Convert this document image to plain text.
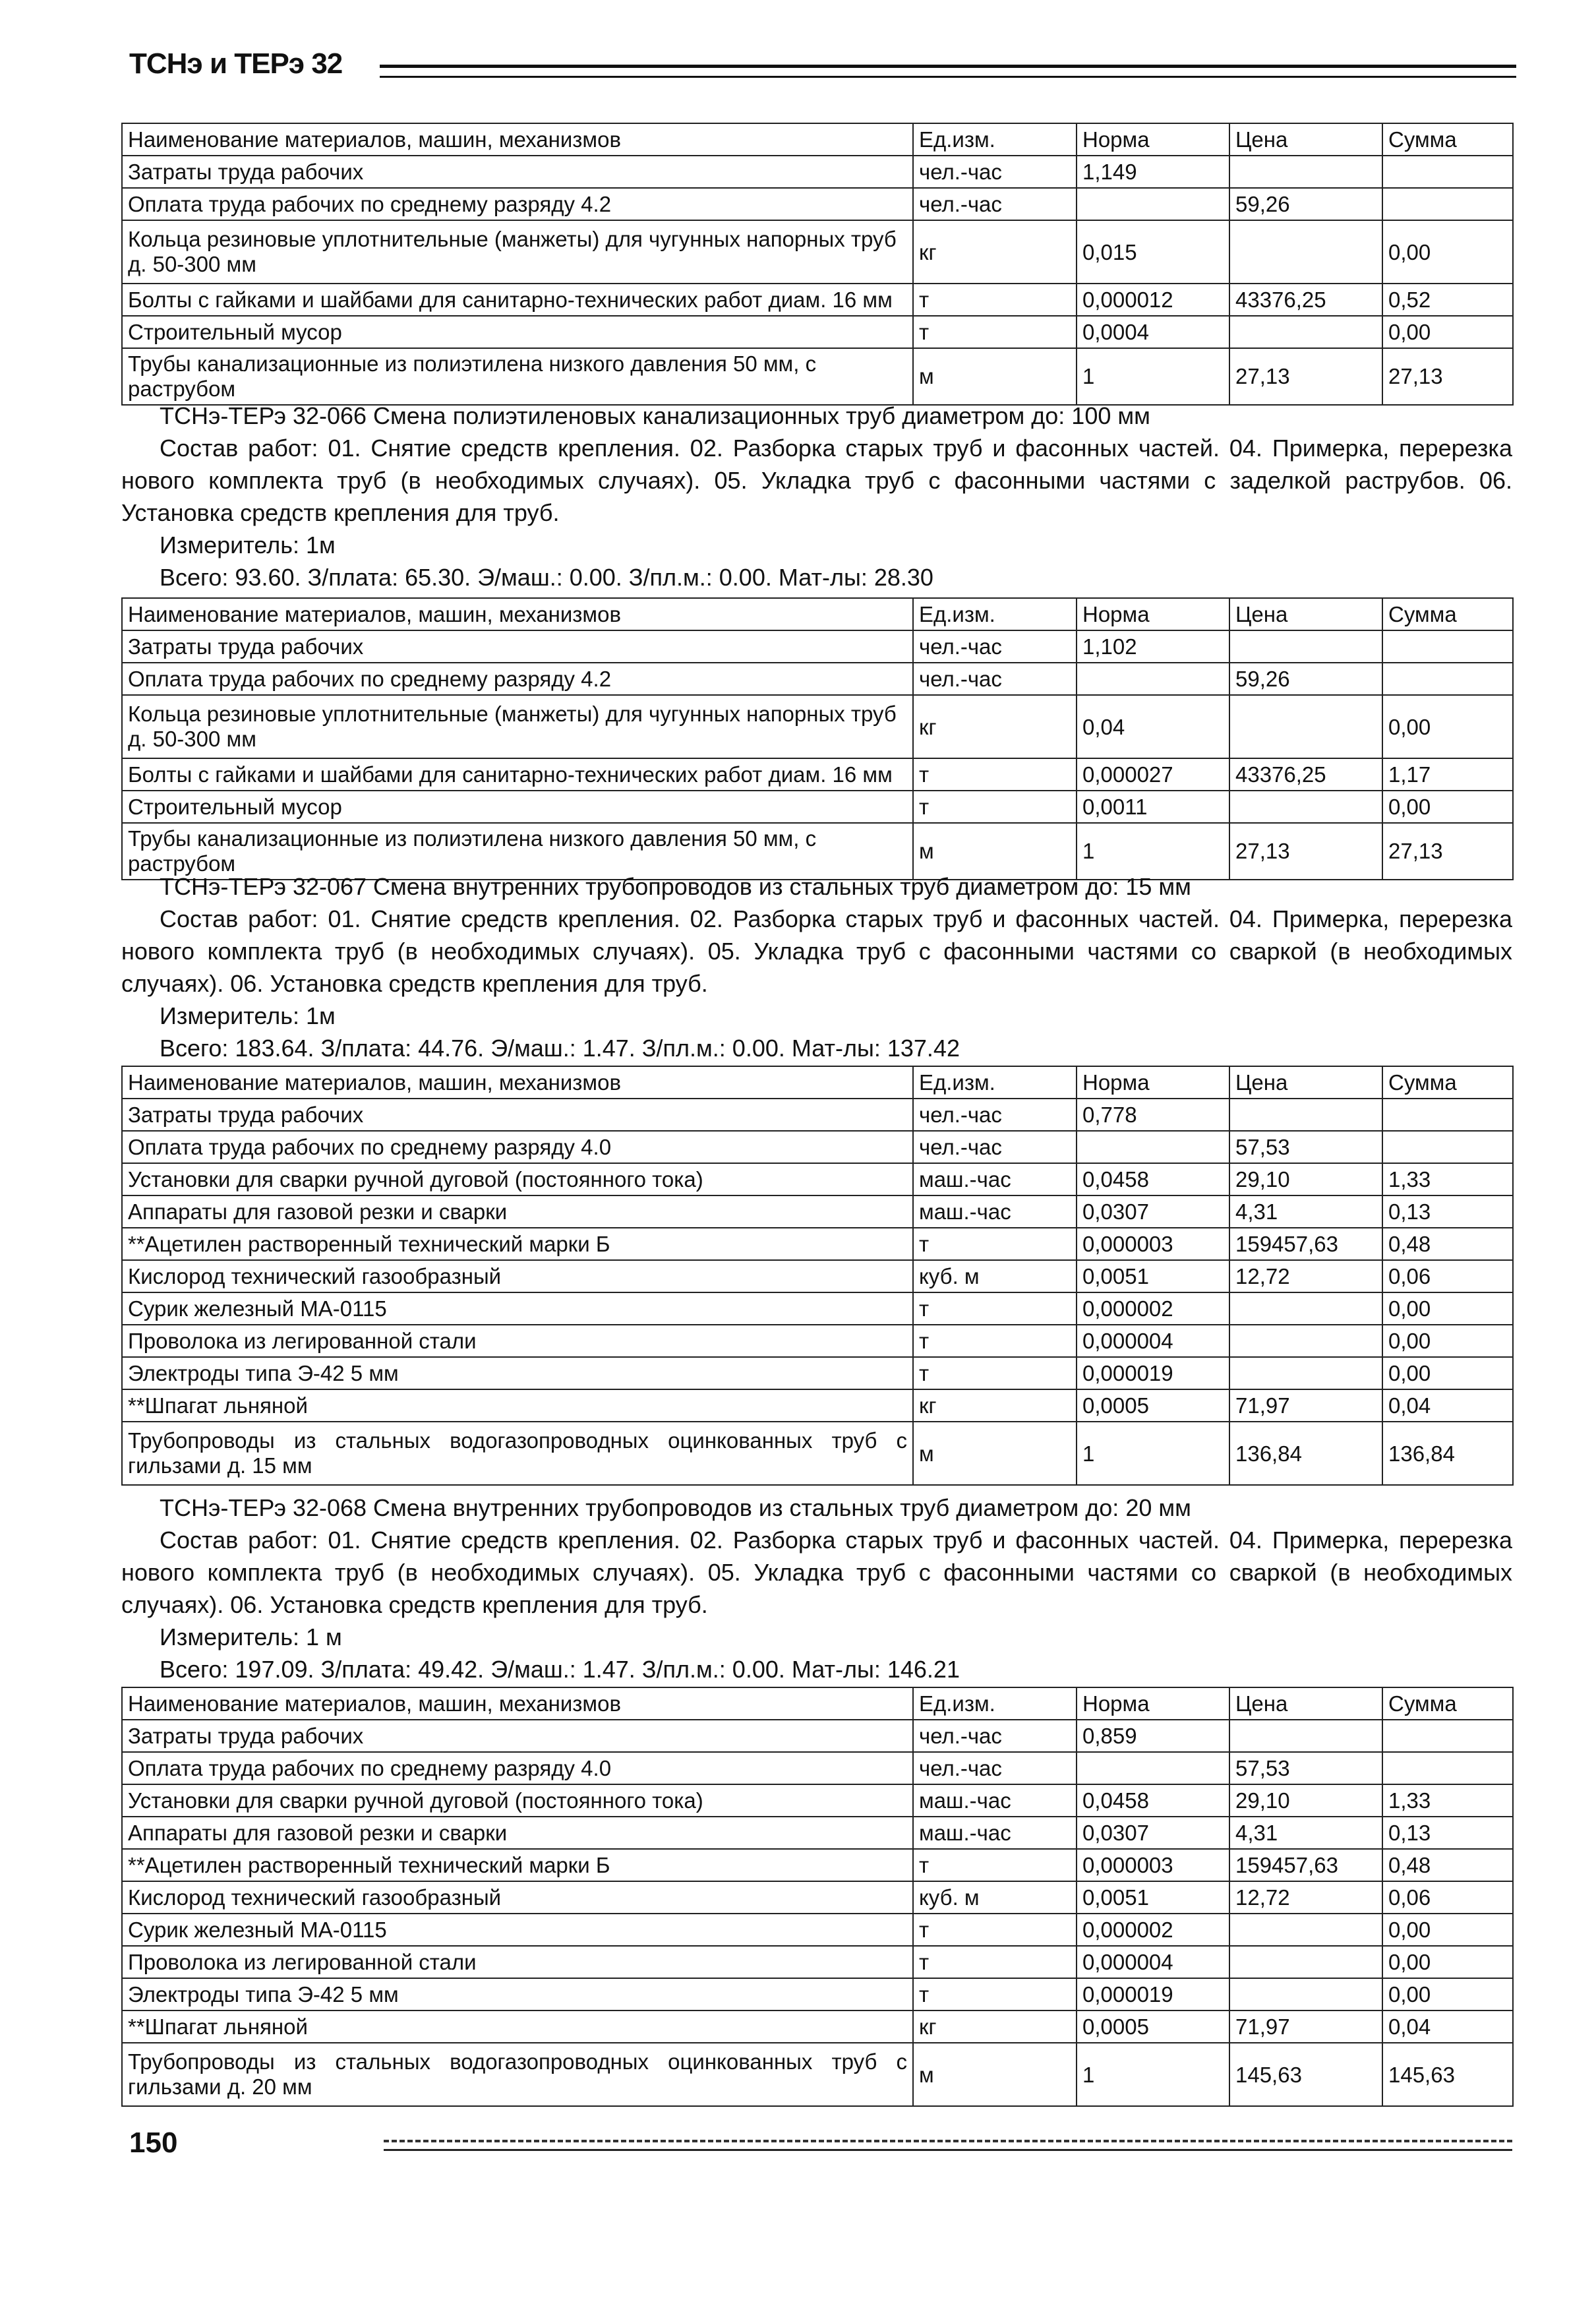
ТСНэ и ТЕРэ 32
Наименование материалов, машин, механизмов	Ед.изм.	Норма	Цена	Сумма
Затраты труда рабочих	чел.-час	1,149		
Оплата труда рабочих по среднему разряду 4.2	чел.-час		59,26	
Кольца резиновые уплотнительные (манжеты) для чугунных напорных труб д. 50-300 мм	кг	0,015		0,00
Болты с гайками и шайбами для санитарно-технических работ диам. 16 мм	т	0,000012	43376,25	0,52
Строительный мусор	т	0,0004		0,00
Трубы канализационные из полиэтилена низкого давления 50 мм, с раструбом	м	1	27,13	27,13

ТСНэ-ТЕРэ 32-066 Смена полиэтиленовых канализационных труб диаметром до: 100 мм

Состав работ: 01. Снятие средств крепления. 02. Разборка старых труб и фасонных частей. 04. Примерка, перерезка нового комплекта труб (в необходимых случаях). 05. Укладка труб с фасонными частями с заделкой раструбов. 06. Установка средств крепления для труб.

Измеритель: 1м

Всего: 93.60. З/плата: 65.30. Э/маш.: 0.00. З/пл.м.: 0.00. Мат-лы: 28.30

Наименование материалов, машин, механизмов	Ед.изм.	Норма	Цена	Сумма
Затраты труда рабочих	чел.-час	1,102		
Оплата труда рабочих по среднему разряду 4.2	чел.-час		59,26	
Кольца резиновые уплотнительные (манжеты) для чугунных напорных труб д. 50-300 мм	кг	0,04		0,00
Болты с гайками и шайбами для санитарно-технических работ диам. 16 мм	т	0,000027	43376,25	1,17
Строительный мусор	т	0,0011		0,00
Трубы канализационные из полиэтилена низкого давления 50 мм, с раструбом	м	1	27,13	27,13

ТСНэ-ТЕРэ 32-067 Смена внутренних трубопроводов из стальных труб диаметром до: 15 мм

Состав работ: 01. Снятие средств крепления. 02. Разборка старых труб и фасонных частей. 04. Примерка, перерезка нового комплекта труб (в необходимых случаях). 05. Укладка труб с фасонными частями со сваркой (в необходимых случаях). 06. Установка средств крепления для труб.

Измеритель: 1м

Всего: 183.64. З/плата: 44.76. Э/маш.: 1.47. З/пл.м.: 0.00. Мат-лы: 137.42

Наименование материалов, машин, механизмов	Ед.изм.	Норма	Цена	Сумма
Затраты труда рабочих	чел.-час	0,778		
Оплата труда рабочих по среднему разряду 4.0	чел.-час		57,53	
Установки для сварки ручной дуговой (постоянного тока)	маш.-час	0,0458	29,10	1,33
Аппараты для газовой резки и сварки	маш.-час	0,0307	4,31	0,13
**Ацетилен растворенный технический марки Б	т	0,000003	159457,63	0,48
Кислород технический газообразный	куб. м	0,0051	12,72	0,06
Сурик железный МА-0115	т	0,000002		0,00
Проволока из легированной стали	т	0,000004		0,00
Электроды типа Э-42 5 мм	т	0,000019		0,00
**Шпагат льняной	кг	0,0005	71,97	0,04
Трубопроводы из стальных водогазопроводных оцинкованных труб с гильзами д. 15 мм	м	1	136,84	136,84

ТСНэ-ТЕРэ 32-068 Смена внутренних трубопроводов из стальных труб диаметром до: 20 мм

Состав работ: 01. Снятие средств крепления. 02. Разборка старых труб и фасонных частей. 04. Примерка, перерезка нового комплекта труб (в необходимых случаях). 05. Укладка труб с фасонными частями со сваркой (в необходимых случаях). 06. Установка средств крепления для труб.

Измеритель: 1 м

Всего: 197.09. З/плата: 49.42. Э/маш.: 1.47. З/пл.м.: 0.00. Мат-лы: 146.21

Наименование материалов, машин, механизмов	Ед.изм.	Норма	Цена	Сумма
Затраты труда рабочих	чел.-час	0,859		
Оплата труда рабочих по среднему разряду 4.0	чел.-час		57,53	
Установки для сварки ручной дуговой (постоянного тока)	маш.-час	0,0458	29,10	1,33
Аппараты для газовой резки и сварки	маш.-час	0,0307	4,31	0,13
**Ацетилен растворенный технический марки Б	т	0,000003	159457,63	0,48
Кислород технический газообразный	куб. м	0,0051	12,72	0,06
Сурик железный МА-0115	т	0,000002		0,00
Проволока из легированной стали	т	0,000004		0,00
Электроды типа Э-42 5 мм	т	0,000019		0,00
**Шпагат льняной	кг	0,0005	71,97	0,04
Трубопроводы из стальных водогазопроводных оцинкованных труб с гильзами д. 20 мм	м	1	145,63	145,63
150
